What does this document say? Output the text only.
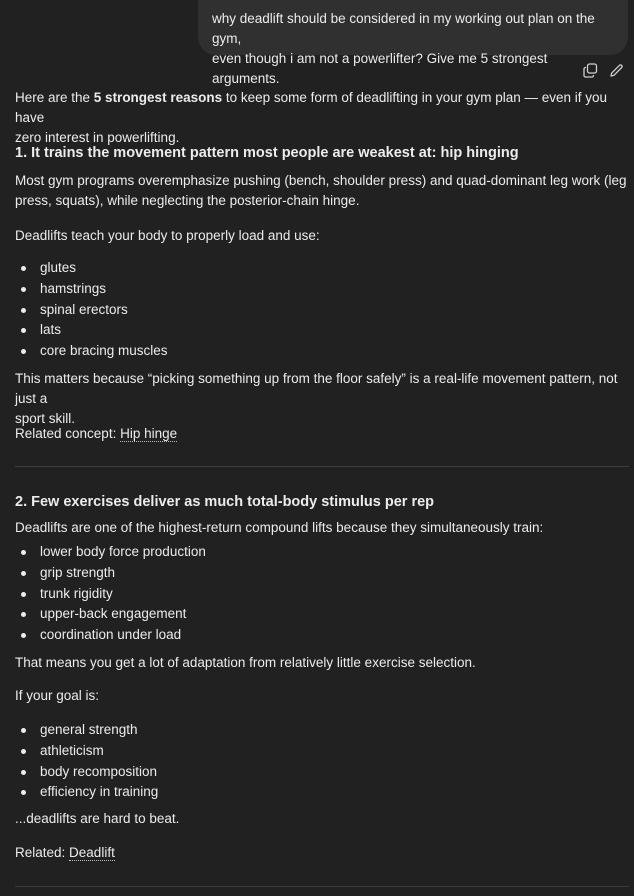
why deadlift should be considered in my working out plan on the gym,
even though i am not a powerlifter? Give me 5 strongest arguments.
Here are the 5 strongest reasons to keep some form of deadlifting in your gym plan — even if you have
zero interest in powerlifting.
1. It trains the movement pattern most people are weakest at: hip hinging
Most gym programs overemphasize pushing (bench, shoulder press) and quad-dominant leg work (leg
press, squats), while neglecting the posterior-chain hinge.
Deadlifts teach your body to properly load and use:
glutes
hamstrings
spinal erectors
lats
core bracing muscles
This matters because “picking something up from the floor safely” is a real-life movement pattern, not just a
sport skill.
Related concept: Hip hinge
2. Few exercises deliver as much total-body stimulus per rep
Deadlifts are one of the highest-return compound lifts because they simultaneously train:
lower body force production
grip strength
trunk rigidity
upper-back engagement
coordination under load
That means you get a lot of adaptation from relatively little exercise selection.
If your goal is:
general strength
athleticism
body recomposition
efficiency in training
...deadlifts are hard to beat.
Related: Deadlift
